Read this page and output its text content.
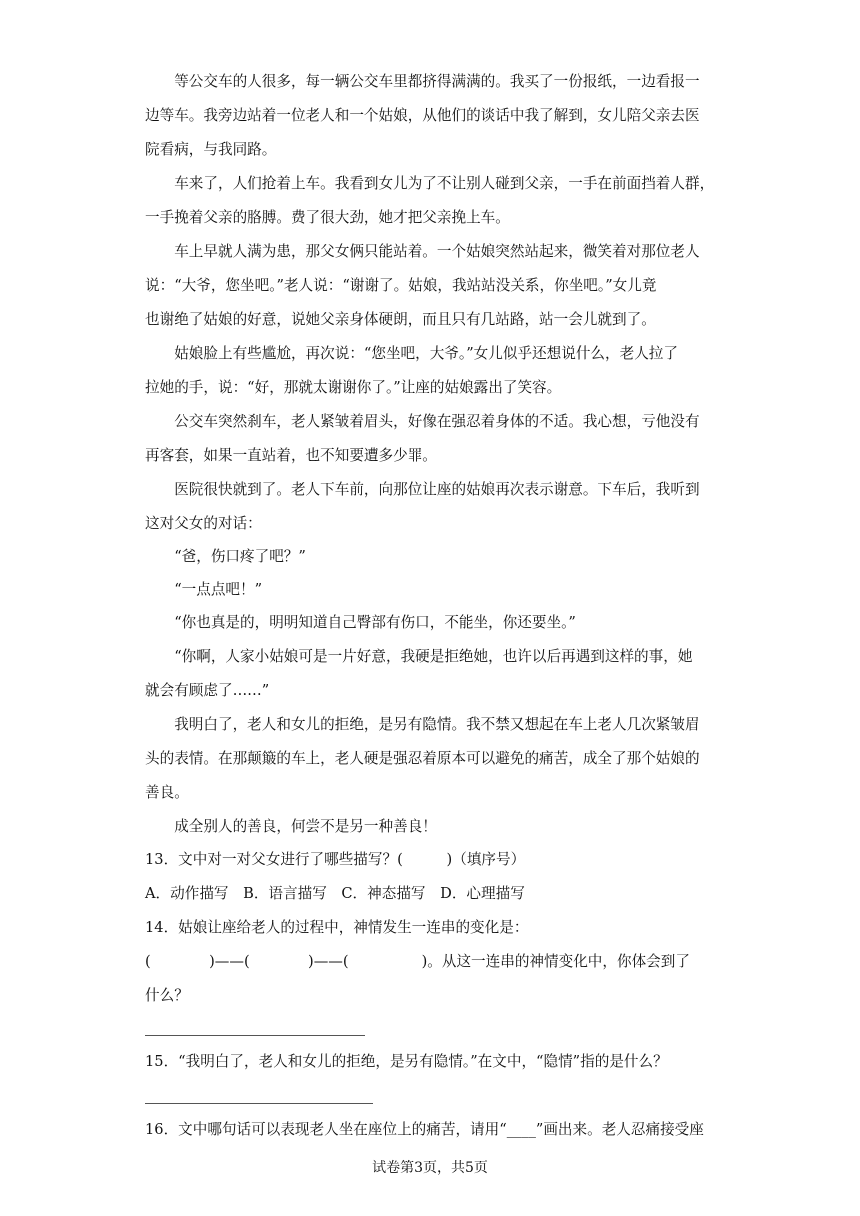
　　等公交车的人很多，每一辆公交车里都挤得满满的。我买了一份报纸，一边看报一
边等车。我旁边站着一位老人和一个姑娘，从他们的谈话中我了解到，女儿陪父亲去医
院看病，与我同路。
　　车来了，人们抢着上车。我看到女儿为了不让别人碰到父亲，一手在前面挡着人群，
一手挽着父亲的胳膊。费了很大劲，她才把父亲挽上车。
　　车上早就人满为患，那父女俩只能站着。一个姑娘突然站起来，微笑着对那位老人
说：“大爷，您坐吧。”老人说：“谢谢了。姑娘，我站站没关系，你坐吧。”女儿竟
也谢绝了姑娘的好意，说她父亲身体硬朗，而且只有几站路，站一会儿就到了。
　　姑娘脸上有些尴尬，再次说：“您坐吧，大爷。”女儿似乎还想说什么，老人拉了
拉她的手，说：“好，那就太谢谢你了。”让座的姑娘露出了笑容。
　　公交车突然刹车，老人紧皱着眉头，好像在强忍着身体的不适。我心想，亏他没有
再客套，如果一直站着，也不知要遭多少罪。
　　医院很快就到了。老人下车前，向那位让座的姑娘再次表示谢意。下车后，我听到
这对父女的对话：
　　“爸，伤口疼了吧？”
　　“一点点吧！”
　　“你也真是的，明明知道自己臀部有伤口，不能坐，你还要坐。”
　　“你啊，人家小姑娘可是一片好意，我硬是拒绝她，也许以后再遇到这样的事，她
就会有顾虑了……”
　　我明白了，老人和女儿的拒绝，是另有隐情。我不禁又想起在车上老人几次紧皱眉
头的表情。在那颠簸的车上，老人硬是强忍着原本可以避免的痛苦，成全了那个姑娘的
善良。
　　成全别人的善良，何尝不是另一种善良！
13．文中对一对父女进行了哪些描写？(　　　)（填序号）
A．动作描写　B．语言描写　C．神态描写　D．心理描写
14．姑娘让座给老人的过程中，神情发生一连串的变化是：
(　　　　)——(　　　　)——(　　　　　)。从这一连串的神情变化中，你体会到了
什么？
15．“我明白了，老人和女儿的拒绝，是另有隐情。”在文中，“隐情”指的是什么？
16．文中哪句话可以表现老人坐在座位上的痛苦，请用“____”画出来。老人忍痛接受座
试卷第3页，共5页
